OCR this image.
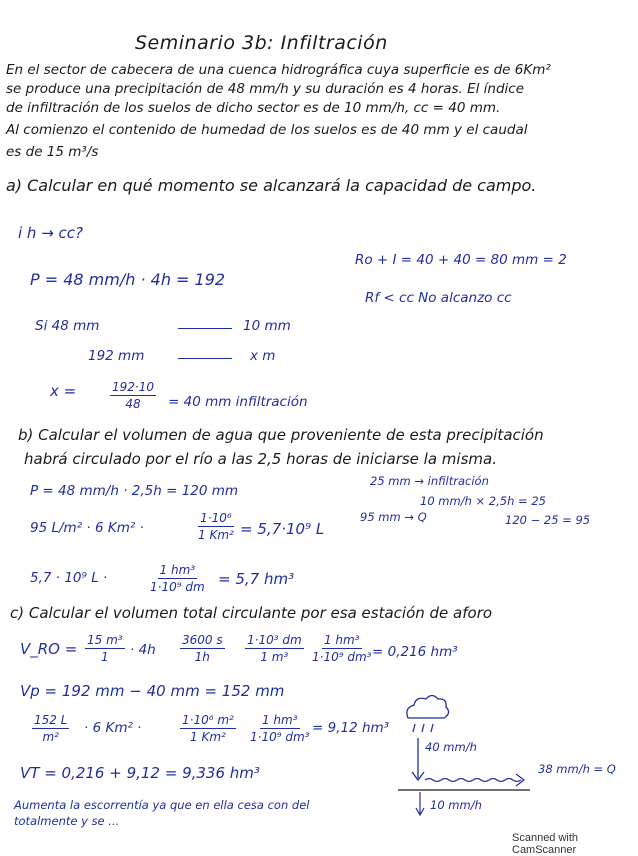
Seminario 3b: Infiltración
En el sector de cabecera de una cuenca hidrográfica cuya superficie es de 6Km²
se produce una precipitación de 48 mm/h y su duración es 4 horas. El índice
de infiltración de los suelos de dicho sector es de 10 mm/h, cc = 40 mm.
Al comienzo el contenido de humedad de los suelos es de 40 mm y el caudal
es de 15 m³/s
a) Calcular en qué momento se alcanzará la capacidad de campo.
i h → cc?
P = 48 mm/h · 4h = 192
Ro + I = 40 + 40 = 80 mm = 2
Rf < cc No alcanzo cc
Si 48 mm	10 mm
192 mm	x m
x =	$\frac{192\cdot 10}{48} = 40$ mm infiltración
b) Calcular el volumen de agua que proveniente de esta precipitación
habrá circulado por el río a las 2,5 horas de iniciarse la misma.
P = 48 mm/h · 2,5h = 120 mm
25 mm → infiltración
10 mm/h × 2,5h = 25
95 mm → Q	120 − 25 = 95
95 L/m² · 6 Km² ·	$\frac{\text{1·10⁶}}{\text{1 Km²}} = 5,7\cdot 10^9$ L
5,7 · 10⁹ L ·	$\frac{\text{1 hm³}}{\text{1·10⁹ dm}} = 5,7$ hm³
c) Calcular el volumen total circulante por esa estación de aforo
V_RO = $\frac{\text{15 m³}}{1} \cdot 4h \frac{3600 s}{1h} \frac{\text{1·10³ dm}}{\text{1 m³}} \frac{\text{1 hm³}}{\text{1·10⁹ dm³}} = 0,216$ hm³
Vp = 192 mm − 40 mm = 152 mm
$\frac{152 L}{\text{m²}} \cdot 6$ Km² ·	$\frac{\text{1·10⁶ m²}}{\text{1 Km²}} \frac{\text{1 hm³}}{\text{1·10⁹ dm³}} = 9,12$ hm³
VT = 0,216 + 9,12 = 9,336 hm³
Aumenta la escorrentía ya que en ella cesa con del
totalmente y se ...
40 mm/h
38 mm/h = Q
10 mm/h
Scanned with CamScanner
